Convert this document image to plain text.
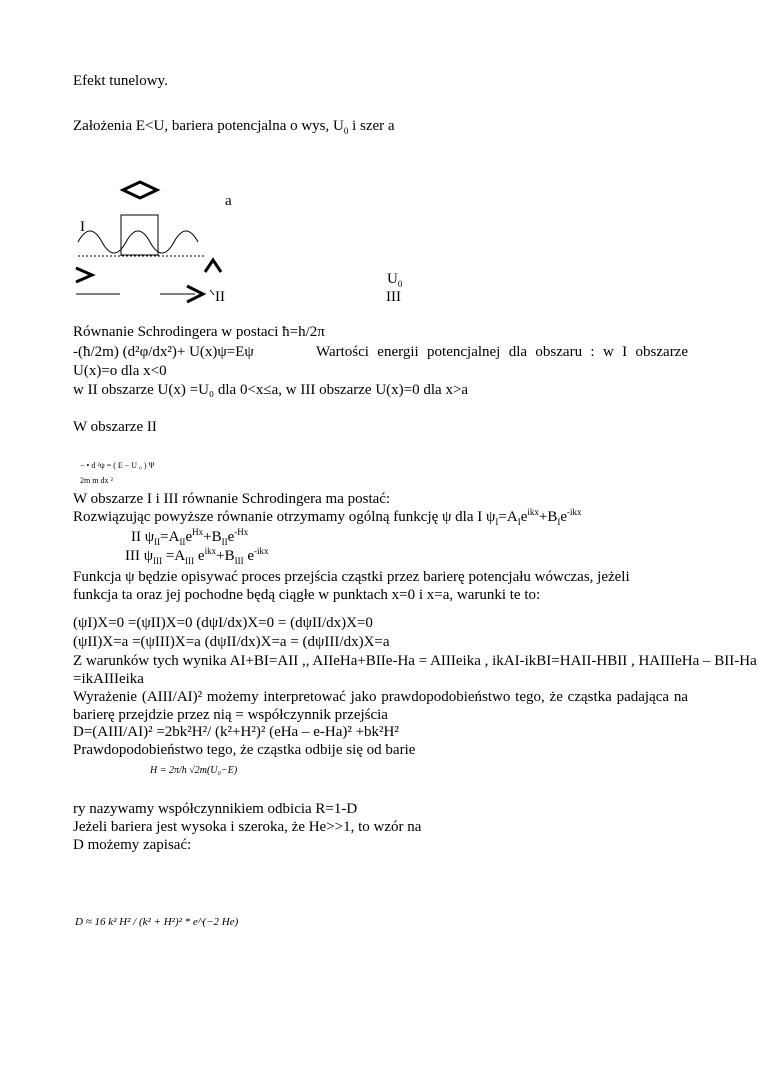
Efekt tunelowy.
Założenia E<U, bariera potencjalna o wys, $U_0$ i szer a
a
I
II
$U_0$
III
Równanie Schrodingera w postaci ħ=h/2π
-(ħ/2m) (d²φ/dx²)+ U(x)ψ=Eψ	Wartości energii potencjalnej dla obszaru : w I obszarze
U(x)=o dla x<0
w II obszarze U(x) =U₀ dla 0<x≤a, w III obszarze U(x)=0 dla x>a
W obszarze II
− • d ²ψ = ( E − U ₀ ) Ψ
2m m dx ²
W obszarze I i III równanie Schrodingera ma postać:
Rozwiązując powyższe równanie otrzymamy ogólną funkcję ψ dla I $\psi_I=A_Ie^{ikx}+B_Ie^{-ikx}$
II $\psi_{II}=A_{II}e^{Hx}+B_{II}e^{-Hx}$
III $\psi_{III} =A_{III}$ $e^{ikx}+B_{III}$ $e^{-ikx}$
Funkcja ψ będzie opisywać proces przejścia cząstki przez barierę potencjału wówczas, jeżeli
funkcja ta oraz jej pochodne będą ciągłe w punktach x=0 i x=a, warunki te to:
(ψI)X=0 =(ψII)X=0 (dψI/dx)X=0 = (dψII/dx)X=0
(ψII)X=a =(ψIII)X=a (dψII/dx)X=a = (dψIII/dx)X=a
Z warunków tych wynika AI+BI=AII ,, AIIeHa+BIIe-Ha = AIIIeika , ikAI-ikBI=HAII-HBII , HAIIIeHa – BII-Ha
=ikAIIIeika
Wyrażenie (AIII/AI)² możemy interpretować jako prawdopodobieństwo tego, że cząstka padająca na
barierę przejdzie przez nią = współczynnik przejścia
D=(AIII/AI)² =2bk²H²/ (k²+H²)² (eHa – e-Ha)² +bk²H²
Prawdopodobieństwo tego, że cząstka odbije się od barie
H = 2π/h √2m(U₀−E)
ry nazywamy współczynnikiem odbicia R=1-D
Jeżeli bariera jest wysoka i szeroka, że He>>1, to wzór na
D możemy zapisać:
D ≈ 16 k² H² / (k² + H²)² * e^(−2 He)
